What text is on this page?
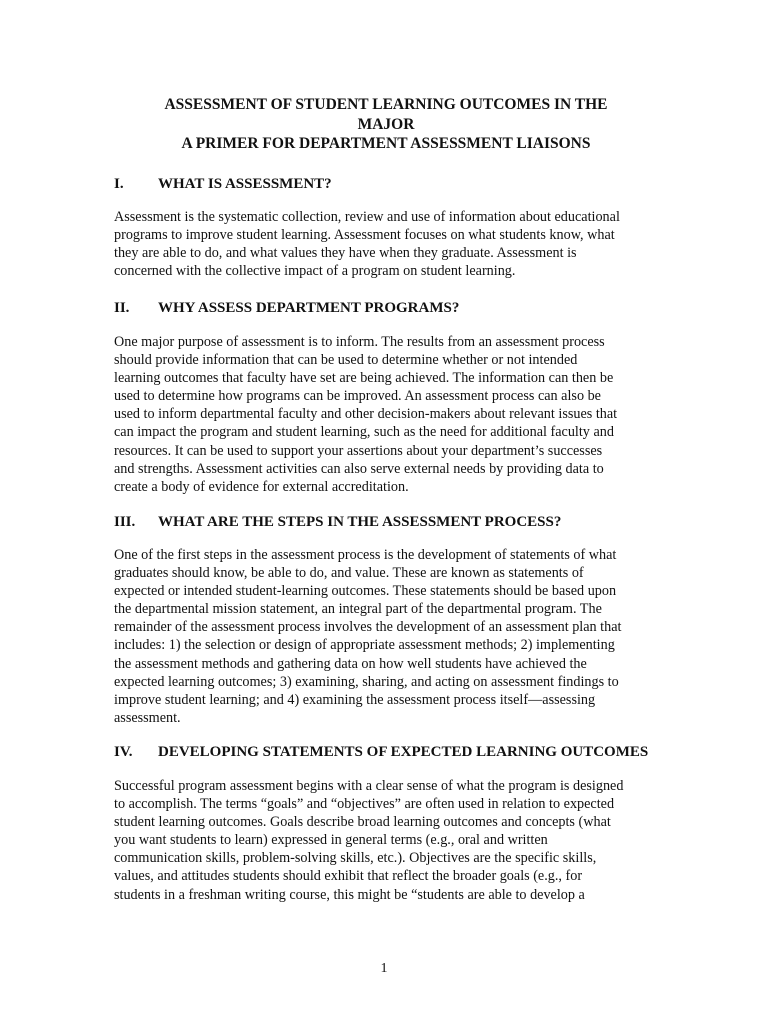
ASSESSMENT OF STUDENT LEARNING OUTCOMES IN THE
MAJOR
A PRIMER FOR DEPARTMENT ASSESSMENT LIAISONS
I. WHAT IS ASSESSMENT?
Assessment is the systematic collection, review and use of information about educational
programs to improve student learning. Assessment focuses on what students know, what
they are able to do, and what values they have when they graduate. Assessment is
concerned with the collective impact of a program on student learning.
II. WHY ASSESS DEPARTMENT PROGRAMS?
One major purpose of assessment is to inform. The results from an assessment process
should provide information that can be used to determine whether or not intended
learning outcomes that faculty have set are being achieved. The information can then be
used to determine how programs can be improved. An assessment process can also be
used to inform departmental faculty and other decision-makers about relevant issues that
can impact the program and student learning, such as the need for additional faculty and
resources. It can be used to support your assertions about your department’s successes
and strengths. Assessment activities can also serve external needs by providing data to
create a body of evidence for external accreditation.
III. WHAT ARE THE STEPS IN THE ASSESSMENT PROCESS?
One of the first steps in the assessment process is the development of statements of what
graduates should know, be able to do, and value. These are known as statements of
expected or intended student-learning outcomes. These statements should be based upon
the departmental mission statement, an integral part of the departmental program. The
remainder of the assessment process involves the development of an assessment plan that
includes: 1) the selection or design of appropriate assessment methods; 2) implementing
the assessment methods and gathering data on how well students have achieved the
expected learning outcomes; 3) examining, sharing, and acting on assessment findings to
improve student learning; and 4) examining the assessment process itself—assessing
assessment.
IV. DEVELOPING STATEMENTS OF EXPECTED LEARNING OUTCOMES
Successful program assessment begins with a clear sense of what the program is designed
to accomplish. The terms “goals” and “objectives” are often used in relation to expected
student learning outcomes. Goals describe broad learning outcomes and concepts (what
you want students to learn) expressed in general terms (e.g., oral and written
communication skills, problem-solving skills, etc.). Objectives are the specific skills,
values, and attitudes students should exhibit that reflect the broader goals (e.g., for
students in a freshman writing course, this might be “students are able to develop a
1
